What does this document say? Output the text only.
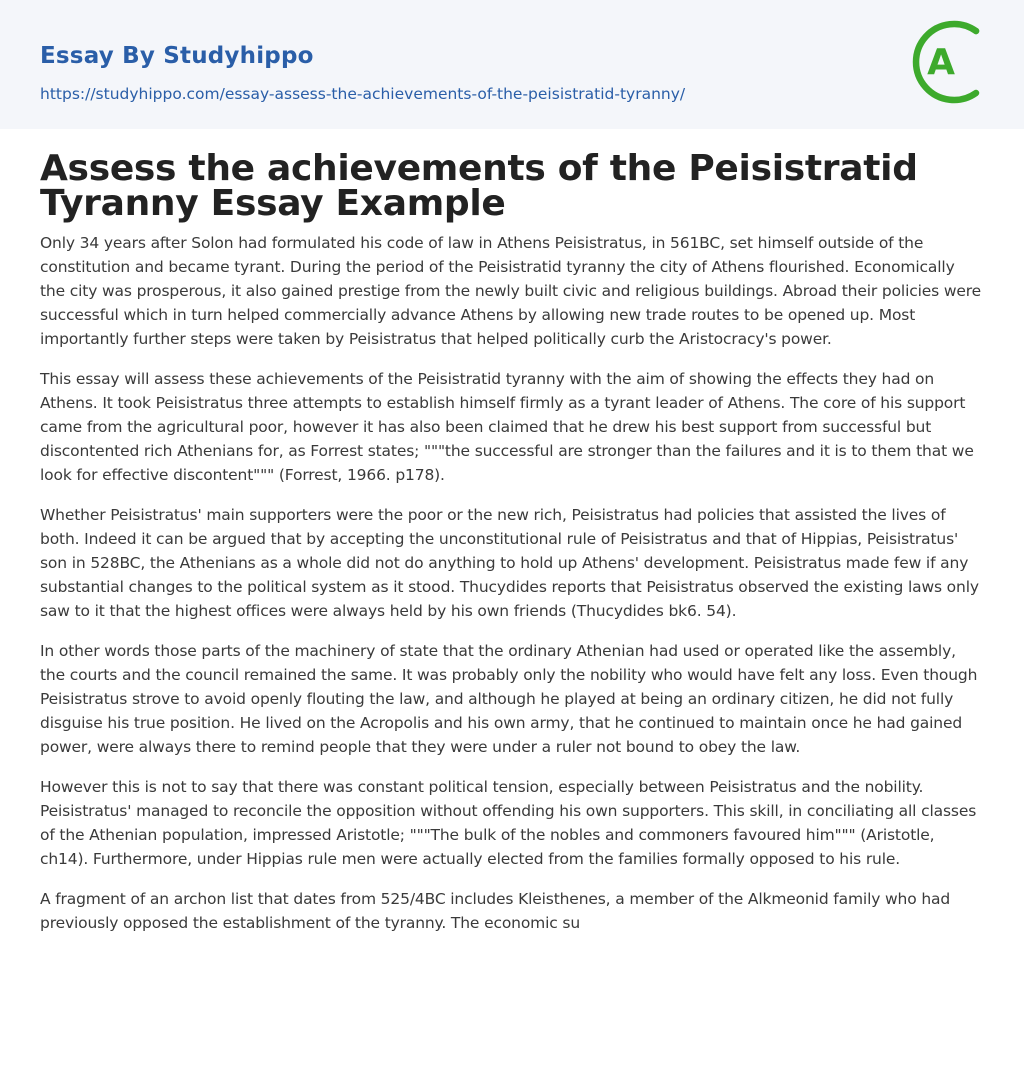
Essay By Studyhippo
https://studyhippo.com/essay-assess-the-achievements-of-the-peisistratid-tyranny/
A
Assess the achievements of the Peisistratid Tyranny Essay Example

Only 34 years after Solon had formulated his code of law in Athens Peisistratus, in 561BC, set himself outside of the constitution and became tyrant. During the period of the Peisistratid tyranny the city of Athens flourished. Economically the city was prosperous, it also gained prestige from the newly built civic and religious buildings. Abroad their policies were successful which in turn helped commercially advance Athens by allowing new trade routes to be opened up. Most importantly further steps were taken by Peisistratus that helped politically curb the Aristocracy's power.

This essay will assess these achievements of the Peisistratid tyranny with the aim of showing the effects they had on Athens. It took Peisistratus three attempts to establish himself firmly as a tyrant leader of Athens. The core of his support came from the agricultural poor, however it has also been claimed that he drew his best support from successful but discontented rich Athenians for, as Forrest states; """the successful are stronger than the failures and it is to them that we look for effective discontent""" (Forrest, 1966. p178).

Whether Peisistratus' main supporters were the poor or the new rich, Peisistratus had policies that assisted the lives of both. Indeed it can be argued that by accepting the unconstitutional rule of Peisistratus and that of Hippias, Peisistratus' son in 528BC, the Athenians as a whole did not do anything to hold up Athens' development. Peisistratus made few if any substantial changes to the political system as it stood. Thucydides reports that Peisistratus observed the existing laws only saw to it that the highest offices were always held by his own friends (Thucydides bk6. 54).

In other words those parts of the machinery of state that the ordinary Athenian had used or operated like the assembly, the courts and the council remained the same. It was probably only the nobility who would have felt any loss. Even though Peisistratus strove to avoid openly flouting the law, and although he played at being an ordinary citizen, he did not fully disguise his true position. He lived on the Acropolis and his own army, that he continued to maintain once he had gained power, were always there to remind people that they were under a ruler not bound to obey the law.

However this is not to say that there was constant political tension, especially between Peisistratus and the nobility. Peisistratus' managed to reconcile the opposition without offending his own supporters. This skill, in conciliating all classes of the Athenian population, impressed Aristotle; """The bulk of the nobles and commoners favoured him""" (Aristotle, ch14). Furthermore, under Hippias rule men were actually elected from the families formally opposed to his rule.

A fragment of an archon list that dates from 525/4BC includes Kleisthenes, a member of the Alkmeonid family who had previously opposed the establishment of the tyranny. The economic su
